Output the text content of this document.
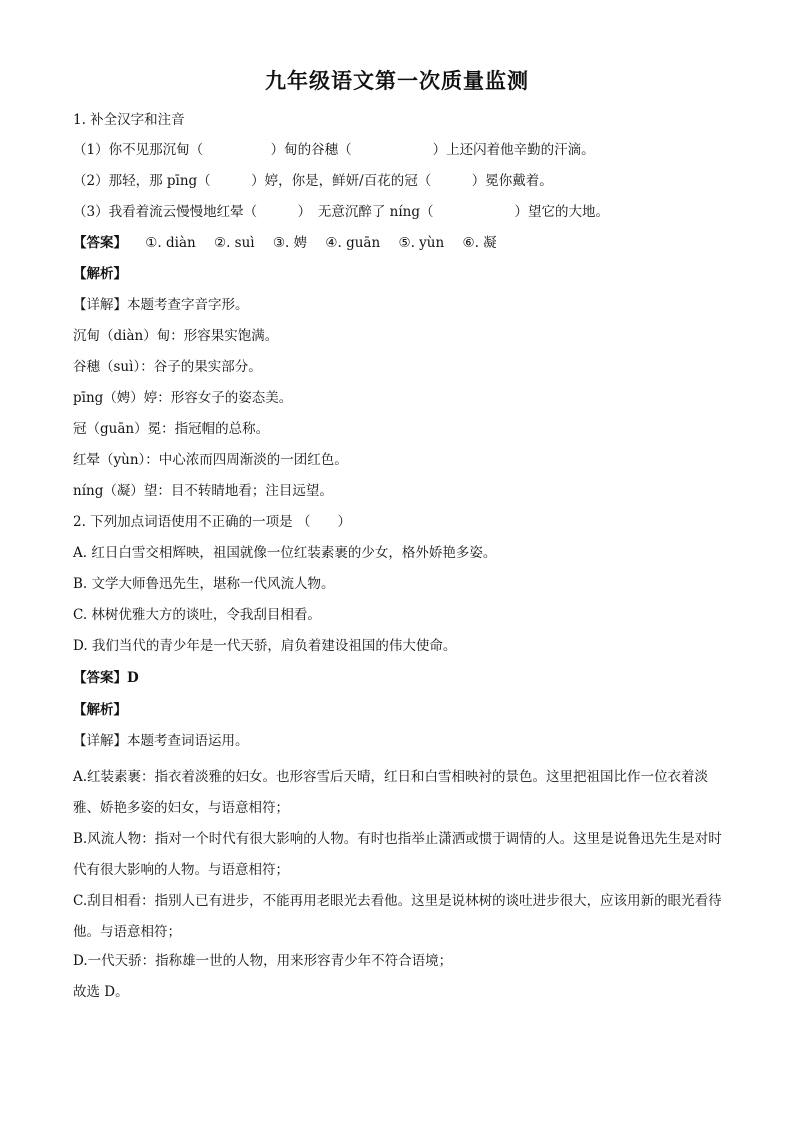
九年级语文第一次质量监测
1. 补全汉字和注音
（1）你不见那沉甸（　　　　　）甸的谷穗（　　　　　　）上还闪着他辛勤的汗滴。
（2）那轻，那 pīng（　　　）婷，你是，鲜妍/百花的冠（　　　）冕你戴着。
（3）我看着流云慢慢地红晕（　　　）　无意沉醉了 níng（　　　　　　）望它的大地。
【答案】 ①. diàn ②. suì ③. 娉 ④. guān ⑤. yùn ⑥. 凝
【解析】
【详解】本题考查字音字形。
沉甸（diàn）甸：形容果实饱满。
谷穗（suì）：谷子的果实部分。
pīng（娉）婷：形容女子的姿态美。
冠（guān）冕：指冠帽的总称。
红晕（yùn）：中心浓而四周渐淡的一团红色。
níng（凝）望：目不转睛地看；注目远望。
2. 下列加点词语使用不正确的一项是 （　　）
A. 红日白雪交相辉映，祖国就像一位红装素裹的少女，格外娇艳多姿。
B. 文学大师鲁迅先生，堪称一代风流人物。
C. 林树优雅大方的谈吐，令我刮目相看。
D. 我们当代的青少年是一代天骄，肩负着建设祖国的伟大使命。
【答案】D
【解析】
【详解】本题考查词语运用。
A.红装素裹：指衣着淡雅的妇女。也形容雪后天晴，红日和白雪相映衬的景色。这里把祖国比作一位衣着淡雅、娇艳多姿的妇女，与语意相符；
B.风流人物：指对一个时代有很大影响的人物。有时也指举止潇洒或惯于调情的人。这里是说鲁迅先生是对时代有很大影响的人物。与语意相符；
C.刮目相看：指别人已有进步，不能再用老眼光去看他。这里是说林树的谈吐进步很大，应该用新的眼光看待他。与语意相符；
D.一代天骄：指称雄一世的人物，用来形容青少年不符合语境；
故选 D。
